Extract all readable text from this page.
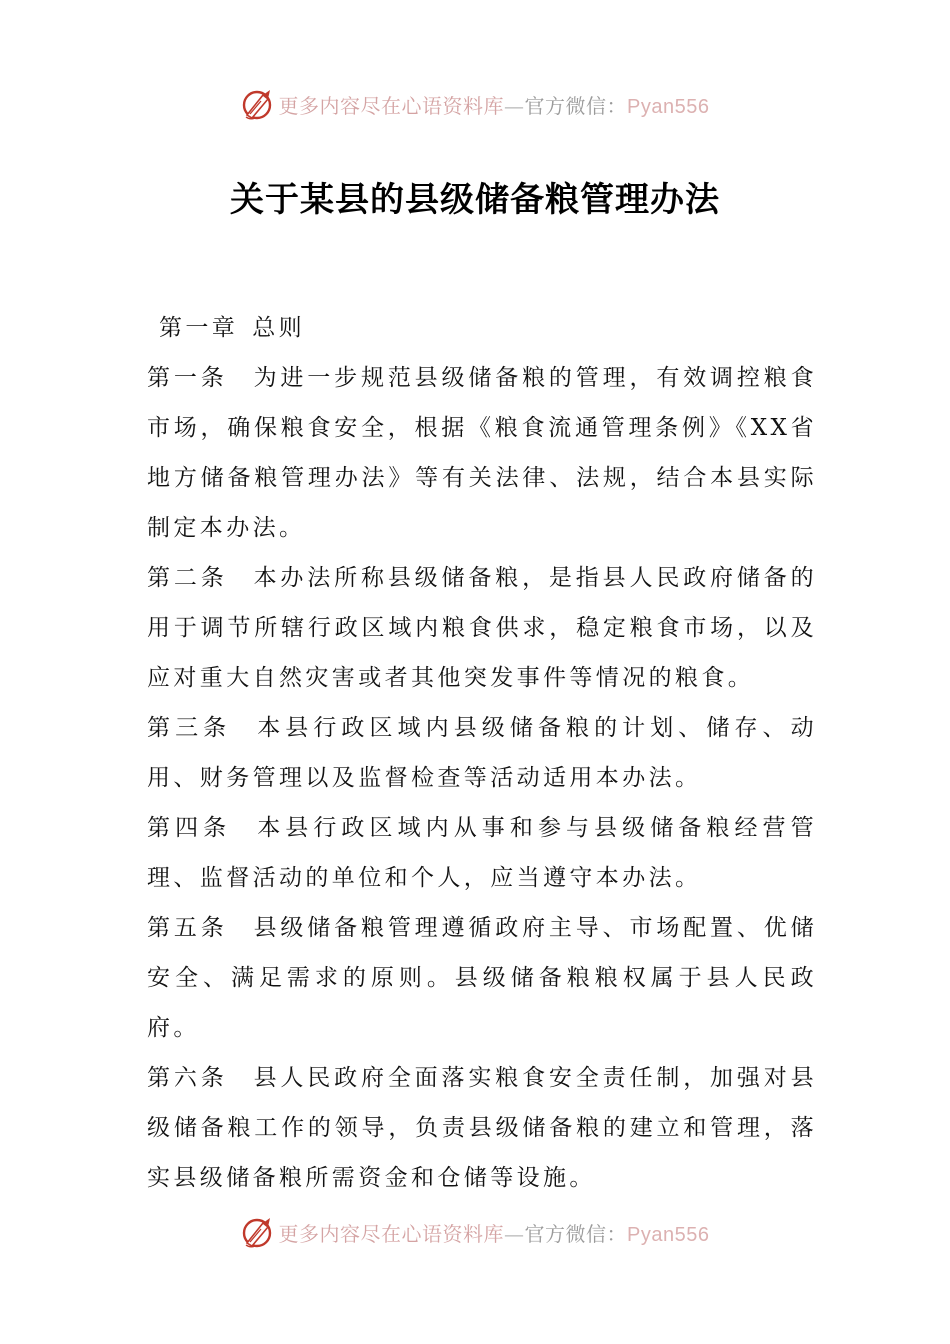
更多内容尽在心语资料库—官方微信：Pyan556
关于某县的县级储备粮管理办法

第一章 总则

第一条 为进一步规范县级储备粮的管理，有效调控粮食市场，确保粮食安全，根据《粮食流通管理条例》《XX省地方储备粮管理办法》等有关法律、法规，结合本县实际制定本办法。

第二条 本办法所称县级储备粮，是指县人民政府储备的用于调节所辖行政区域内粮食供求，稳定粮食市场，以及应对重大自然灾害或者其他突发事件等情况的粮食。

第三条 本县行政区域内县级储备粮的计划、储存、动用、财务管理以及监督检查等活动适用本办法。

第四条 本县行政区域内从事和参与县级储备粮经营管理、监督活动的单位和个人，应当遵守本办法。

第五条 县级储备粮管理遵循政府主导、市场配置、优储安全、满足需求的原则。县级储备粮粮权属于县人民政府。

第六条 县人民政府全面落实粮食安全责任制，加强对县级储备粮工作的领导，负责县级储备粮的建立和管理，落实县级储备粮所需资金和仓储等设施。

更多内容尽在心语资料库—官方微信：Pyan556
